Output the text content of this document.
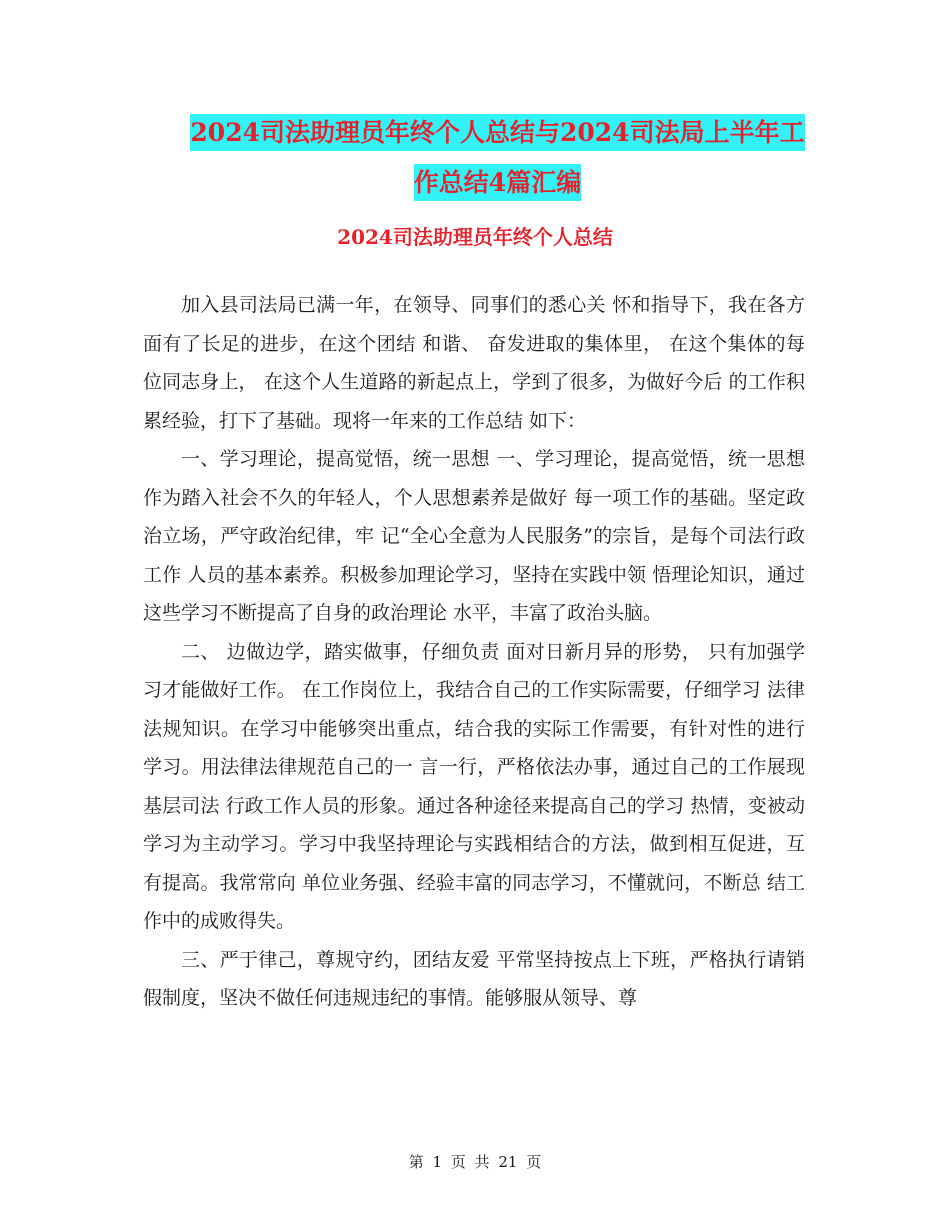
2024司法助理员年终个人总结与2024司法局上半年工
作总结4篇汇编
2024司法助理员年终个人总结

加入县司法局已满一年，在领导、同事们的悉心关 怀和指导下，我在各方面有了长足的进步，在这个团结 和谐、 奋发进取的集体里， 在这个集体的每位同志身上， 在这个人生道路的新起点上，学到了很多，为做好今后 的工作积累经验，打下了基础。现将一年来的工作总结 如下：

一、学习理论，提高觉悟，统一思想 一、学习理论，提高觉悟，统一思想 作为踏入社会不久的年轻人，个人思想素养是做好 每一项工作的基础。坚定政治立场，严守政治纪律，牢 记“全心全意为人民服务”的宗旨，是每个司法行政工作 人员的基本素养。积极参加理论学习，坚持在实践中领 悟理论知识，通过这些学习不断提高了自身的政治理论 水平，丰富了政治头脑。

二、 边做边学，踏实做事，仔细负责 面对日新月异的形势， 只有加强学习才能做好工作。 在工作岗位上，我结合自己的工作实际需要，仔细学习 法律法规知识。在学习中能够突出重点，结合我的实际工作需要，有针对性的进行学习。用法律法律规范自己的一 言一行，严格依法办事，通过自己的工作展现基层司法 行政工作人员的形象。通过各种途径来提高自己的学习 热情，变被动学习为主动学习。学习中我坚持理论与实践相结合的方法，做到相互促进，互有提高。我常常向 单位业务强、经验丰富的同志学习，不懂就问，不断总 结工作中的成败得失。

三、严于律己，尊规守约，团结友爱 平常坚持按点上下班，严格执行请销假制度，坚决不做任何违规违纪的事情。能够服从领导、尊

第 1 页 共 21 页
